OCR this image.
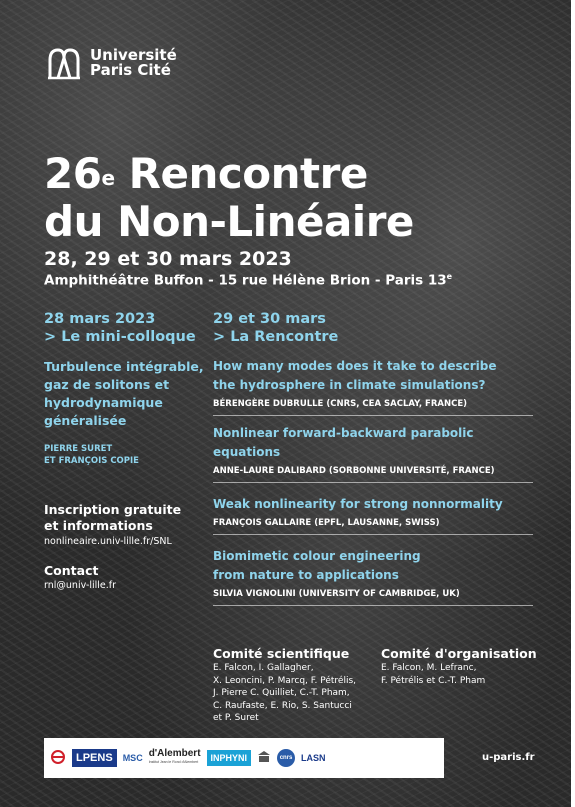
Université
Paris Cité
26e Rencontre
du Non-Linéaire
28, 29 et 30 mars 2023
Amphithéâtre Buffon - 15 rue Hélène Brion - Paris 13e
28 mars 2023
> Le mini-colloque
Turbulence intégrable, gaz de solitons et hydrodynamique généralisée
PIERRE SURET
ET FRANÇOIS COPIE
29 et 30 mars
> La Rencontre
How many modes does it take to describe
the hydrosphere in climate simulations?
BÉRENGÈRE DUBRULLE (CNRS, CEA SACLAY, FRANCE)
Nonlinear forward-backward parabolic equations
ANNE-LAURE DALIBARD (SORBONNE UNIVERSITÉ, FRANCE)
Weak nonlinearity for strong nonnormality
FRANÇOIS GALLAIRE (EPFL, LAUSANNE, SWISS)
Biomimetic colour engineering
from nature to applications
SILVIA VIGNOLINI (UNIVERSITY OF CAMBRIDGE, UK)
Inscription gratuite
et informations
nonlineaire.univ-lille.fr/SNL
Contact
rnl@univ-lille.fr
Comité scientifique
E. Falcon, I. Gallagher,
X. Leoncini, P. Marcq, F. Pétrélis,
J. Pierre C. Quilliet, C.-T. Pham,
C. Raufaste, E. Rio, S. Santucci
et P. Suret
Comité d'organisation
E. Falcon, M. Lefranc,
F. Pétrélis et C.-T. Pham
LPENS	MSC d'Alembert
Institut Jean le Rond d'Alembert	INPHYNI	cnrs LASN	u-paris.fr
